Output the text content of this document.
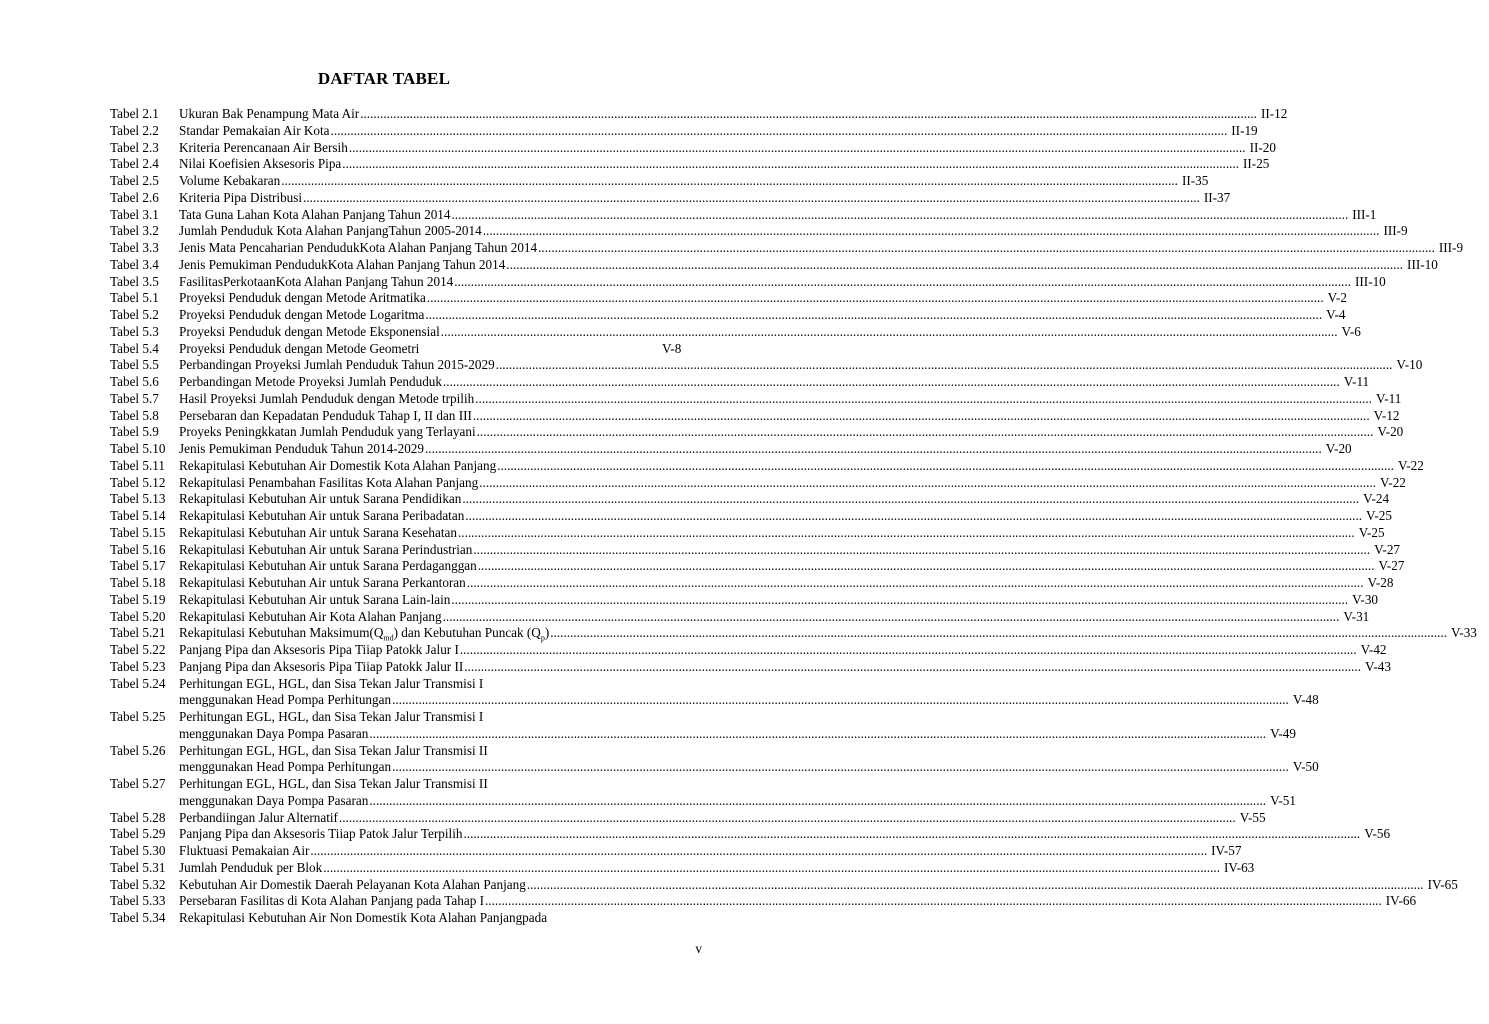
DAFTAR TABEL
Tabel 2.1	Ukuran Bak Penampung Mata Air .....	II-12
Tabel 2.2	Standar Pemakaian Air Kota .....	II-19
Tabel 2.3	Kriteria Perencanaan Air Bersih .....	II-20
Tabel 2.4	Nilai Koefisien Aksesoris Pipa .....	II-25
Tabel 2.5	Volume Kebakaran .....	II-35
Tabel 2.6	Kriteria Pipa Distribusi .....	II-37
Tabel 3.1	Tata Guna Lahan Kota Alahan Panjang Tahun 2014 .....	III-1
Tabel 3.2	Jumlah Penduduk Kota Alahan PanjangTahun 2005-2014 .....	III-9
Tabel 3.3	Jenis Mata Pencaharian PendudukKota Alahan Panjang Tahun 2014 .....	III-9
Tabel 3.4	Jenis Pemukiman PendudukKota Alahan Panjang Tahun 2014 .....	III-10
Tabel 3.5	FasilitasPerkotaanKota Alahan Panjang Tahun 2014 .....	III-10
Tabel 5.1	Proyeksi Penduduk dengan Metode Aritmatika .....	V-2
Tabel 5.2	Proyeksi Penduduk dengan Metode Logaritma .....	V-4
Tabel 5.3	Proyeksi Penduduk dengan Metode Eksponensial .....	V-6
Tabel 5.4	Proyeksi Penduduk dengan Metode Geometri	V-8
Tabel 5.5	Perbandingan Proyeksi Jumlah Penduduk Tahun 2015-2029 .....	V-10
Tabel 5.6	Perbandingan Metode Proyeksi Jumlah Penduduk .....	V-11
Tabel 5.7	Hasil Proyeksi Jumlah Penduduk dengan Metode trpilih .....	V-11
Tabel 5.8	Persebaran dan Kepadatan Penduduk Tahap I, II dan III .....	V-12
Tabel 5.9	Proyeks Peningkkatan Jumlah Penduduk yang Terlayani .....	V-20
Tabel 5.10	Jenis Pemukiman Penduduk Tahun 2014-2029 .....	V-20
Tabel 5.11	Rekapitulasi Kebutuhan Air Domestik Kota Alahan Panjang .....	V-22
Tabel 5.12	Rekapitulasi Penambahan Fasilitas Kota Alahan Panjang .....	V-22
Tabel 5.13	Rekapitulasi Kebutuhan Air untuk Sarana Pendidikan .....	V-24
Tabel 5.14	Rekapitulasi Kebutuhan Air untuk Sarana Peribadatan .....	V-25
Tabel 5.15	Rekapitulasi Kebutuhan Air untuk Sarana Kesehatan .....	V-25
Tabel 5.16	Rekapitulasi Kebutuhan Air untuk Sarana Perindustrian .....	V-27
Tabel 5.17	Rekapitulasi Kebutuhan Air untuk Sarana Perdaganggan .....	V-27
Tabel 5.18	Rekapitulasi Kebutuhan Air untuk Sarana Perkantoran .....	V-28
Tabel 5.19	Rekapitulasi Kebutuhan Air untuk Sarana Lain-lain .....	V-30
Tabel 5.20	Rekapitulasi Kebutuhan Air Kota Alahan Panjang .....	V-31
Tabel 5.21	Rekapitulasi Kebutuhan $Maksimum(Q_{md})$ dan Kebutuhan Puncak $(Q_p)$ .....	V-33
Tabel 5.22	Panjang Pipa dan Aksesoris Pipa Tiiap Patokk Jalur I .....	V-42
Tabel 5.23	Panjang Pipa dan Aksesoris Pipa Tiiap Patokk Jalur II .....	V-43
Tabel 5.24	Perhitungan EGL, HGL, dan Sisa Tekan Jalur Transmisi I
menggunakan Head Pompa Perhitungan .....	V-48
Tabel 5.25	Perhitungan EGL, HGL, dan Sisa Tekan Jalur Transmisi I
menggunakan Daya Pompa Pasaran .....	V-49
Tabel 5.26	Perhitungan EGL, HGL, dan Sisa Tekan Jalur Transmisi II
menggunakan Head Pompa Perhitungan .....	V-50
Tabel 5.27	Perhitungan EGL, HGL, dan Sisa Tekan Jalur Transmisi II
menggunakan Daya Pompa Pasaran .....	V-51
Tabel 5.28	Perbandiingan Jalur Alternatif .....	V-55
Tabel 5.29	Panjang Pipa dan Aksesoris Tiiap Patok Jalur Terpilih .....	V-56
Tabel 5.30	Fluktuasi Pemakaian Air .....	IV-57
Tabel 5.31	Jumlah Penduduk per Blok .....	IV-63
Tabel 5.32	Kebutuhan Air Domestik Daerah Pelayanan Kota Alahan Panjang .....	IV-65
Tabel 5.33	Persebaran Fasilitas di Kota Alahan Panjang pada Tahap I .....	IV-66
Tabel 5.34	Rekapitulasi Kebutuhan Air Non Domestik Kota Alahan Panjangpada
v
